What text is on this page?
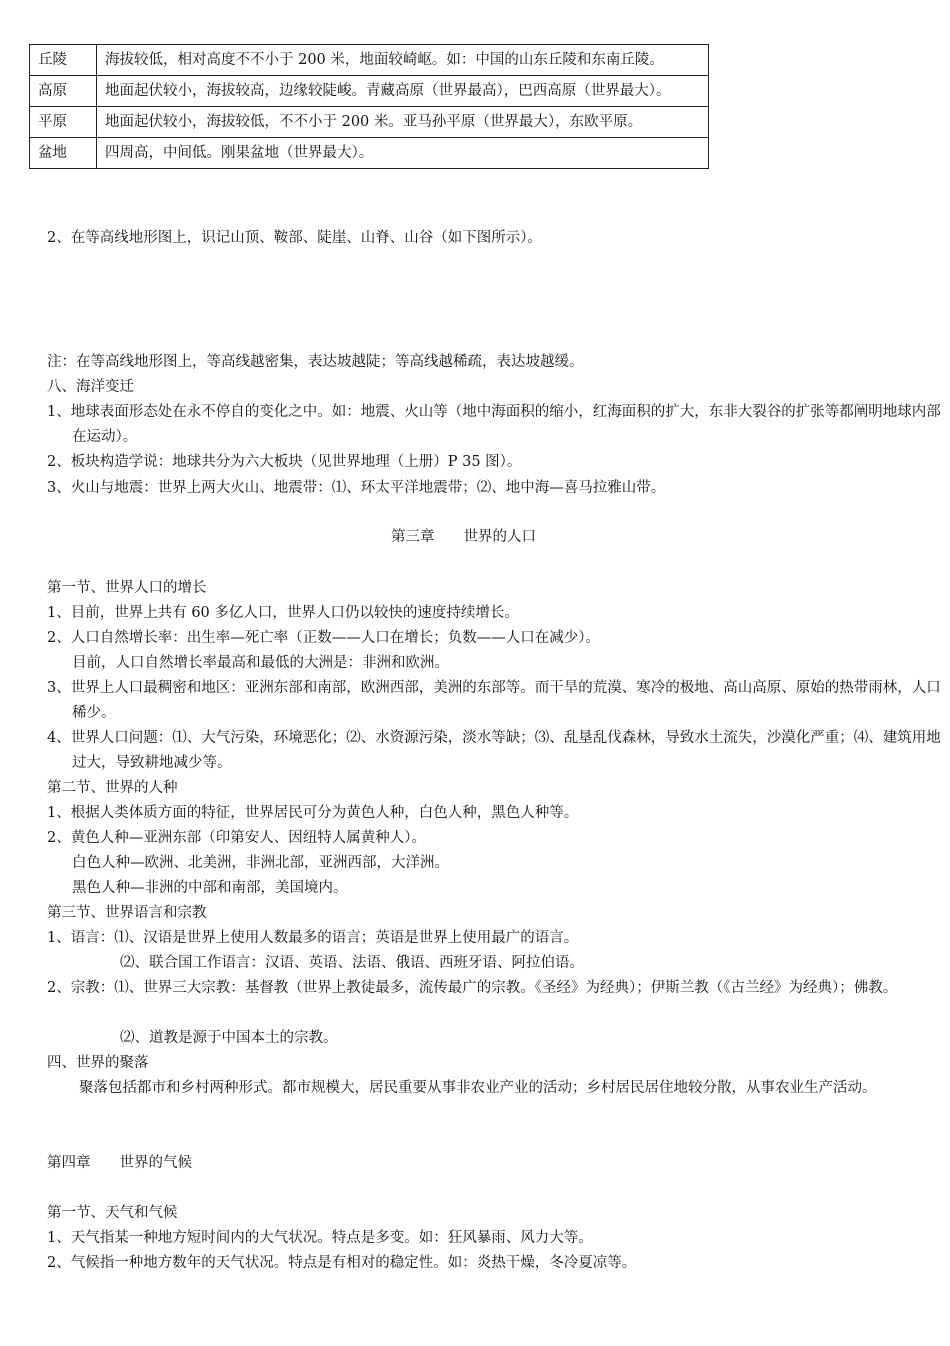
丘陵	海拔较低，相对高度不不小于 200 米，地面较崎岖。如：中国的山东丘陵和东南丘陵。
高原	地面起伏较小，海拔较高，边缘较陡峻。青藏高原（世界最高），巴西高原（世界最大）。
平原	地面起伏较小，海拔较低，不不小于 200 米。亚马孙平原（世界最大），东欧平原。
盆地	四周高，中间低。刚果盆地（世界最大）。
2、在等高线地形图上，识记山顶、鞍部、陡崖、山脊、山谷（如下图所示）。
注：在等高线地形图上，等高线越密集，表达坡越陡；等高线越稀疏，表达坡越缓。
八、海洋变迁
1、地球表面形态处在永不停自的变化之中。如：地震、火山等（地中海面积的缩小，红海面积的扩大，东非大裂谷的扩张等都阐明地球内部在运动）。
2、板块构造学说：地球共分为六大板块（见世界地理（上册）P 35 图）。
3、火山与地震：世界上两大火山、地震带：⑴、环太平洋地震带；⑵、地中海—喜马拉雅山带。
第三章　　世界的人口
第一节、世界人口的增长
1、目前，世界上共有 60 多亿人口，世界人口仍以较快的速度持续增长。
2、人口自然增长率：出生率—死亡率（正数——人口在增长；负数——人口在减少）。
目前，人口自然增长率最高和最低的大洲是：非洲和欧洲。
3、世界上人口最稠密和地区：亚洲东部和南部，欧洲西部，美洲的东部等。而干旱的荒漠、寒冷的极地、高山高原、原始的热带雨林，人口稀少。
4、世界人口问题：⑴、大气污染，环境恶化；⑵、水资源污染，淡水等缺；⑶、乱垦乱伐森林，导致水土流失，沙漠化严重；⑷、建筑用地过大，导致耕地减少等。
第二节、世界的人种
1、根据人类体质方面的特征，世界居民可分为黄色人种，白色人种，黑色人种等。
2、黄色人种—亚洲东部（印第安人、因纽特人属黄种人）。
白色人种—欧洲、北美洲，非洲北部，亚洲西部，大洋洲。
黑色人种—非洲的中部和南部，美国境内。
第三节、世界语言和宗教
1、语言：⑴、汉语是世界上使用人数最多的语言；英语是世界上使用最广的语言。
⑵、联合国工作语言：汉语、英语、法语、俄语、西班牙语、阿拉伯语。
2、宗教：⑴、世界三大宗教：基督教（世界上教徒最多，流传最广的宗教。《圣经》为经典）；伊斯兰教（《古兰经》为经典）；佛教。
⑵、道教是源于中国本土的宗教。
四、世界的聚落
聚落包括都市和乡村两种形式。都市规模大，居民重要从事非农业产业的活动；乡村居民居住地较分散，从事农业生产活动。
第四章　　世界的气候
第一节、天气和气候
1、天气指某一种地方短时间内的大气状况。特点是多变。如：狂风暴雨、风力大等。
2、气候指一种地方数年的天气状况。特点是有相对的稳定性。如：炎热干燥，冬冷夏凉等。
